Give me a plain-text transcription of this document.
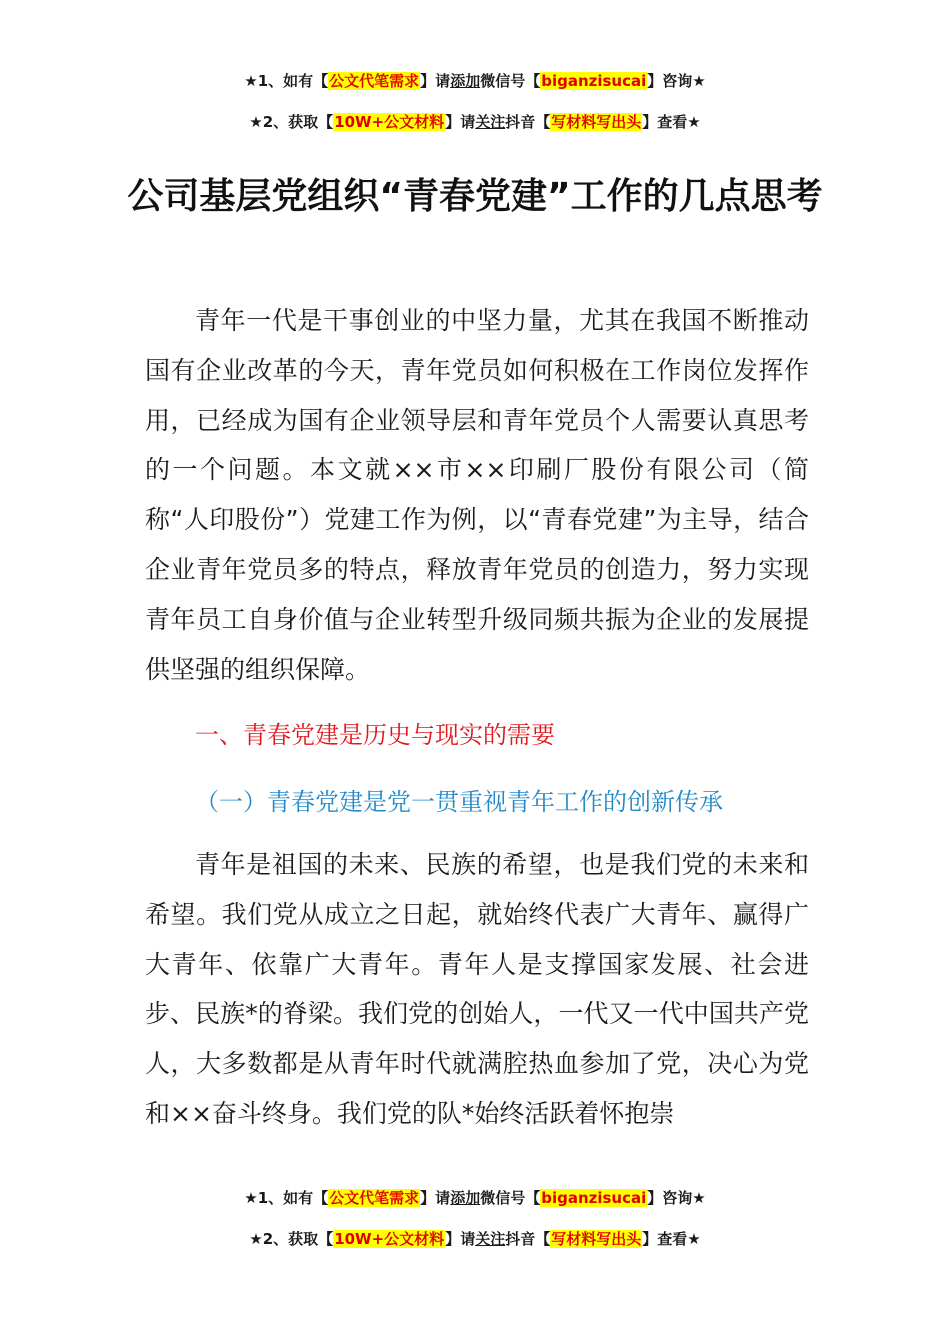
★1、如有【公文代笔需求】请添加微信号【biganzisucai】咨询★
★2、获取【10W+公文材料】请关注抖音【写材料写出头】查看★
公司基层党组织“青春党建”工作的几点思考

青年一代是干事创业的中坚力量，尤其在我国不断推动国有企业改革的今天，青年党员如何积极在工作岗位发挥作用，已经成为国有企业领导层和青年党员个人需要认真思考的一个问题。本文就××市××印刷厂股份有限公司（简称“人印股份”）党建工作为例，以“青春党建”为主导，结合企业青年党员多的特点，释放青年党员的创造力，努力实现青年员工自身价值与企业转型升级同频共振为企业的发展提供坚强的组织保障。

一、青春党建是历史与现实的需要
（一）青春党建是党一贯重视青年工作的创新传承

青年是祖国的未来、民族的希望，也是我们党的未来和希望。我们党从成立之日起，就始终代表广大青年、赢得广大青年、依靠广大青年。青年人是支撑国家发展、社会进步、民族*的脊梁。我们党的创始人，一代又一代中国共产党人，大多数都是从青年时代就满腔热血参加了党，决心为党和××奋斗终身。我们党的队*始终活跃着怀抱崇

★1、如有【公文代笔需求】请添加微信号【biganzisucai】咨询★
★2、获取【10W+公文材料】请关注抖音【写材料写出头】查看★
